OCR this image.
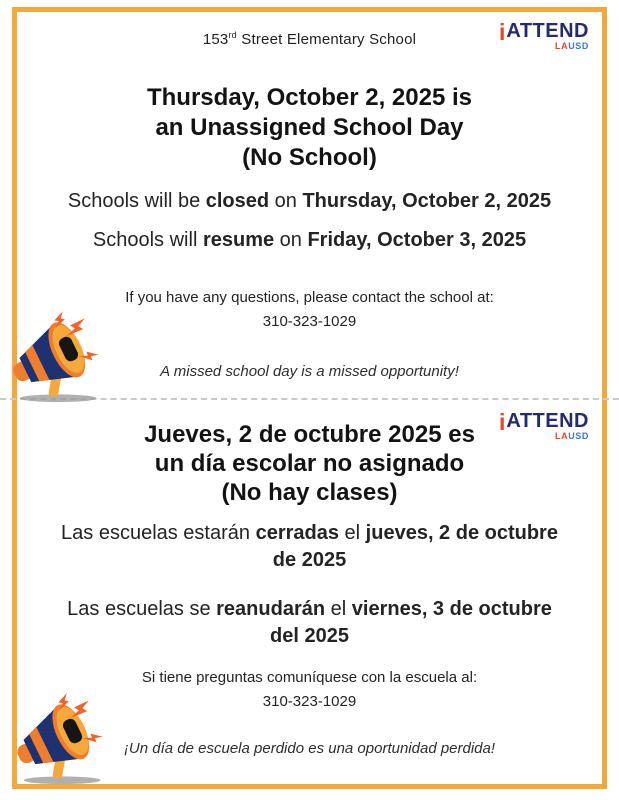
153rd Street Elementary School	i ATTEND
LAUSD
Thursday, October 2, 2025 is
an Unassigned School Day
(No School)
Schools will be closed on Thursday, October 2, 2025
Schools will resume on Friday, October 3, 2025
If you have any questions, please contact the school at:
310-323-1029
A missed school day is a missed opportunity!
i ATTEND
LAUSD
Jueves, 2 de octubre 2025 es
un día escolar no asignado
(No hay clases)
Las escuelas estarán cerradas el jueves, 2 de octubre de 2025
Las escuelas se reanudarán el viernes, 3 de octubre del 2025
Si tiene preguntas comuníquese con la escuela al:
310-323-1029
¡Un día de escuela perdido es una oportunidad perdida!
